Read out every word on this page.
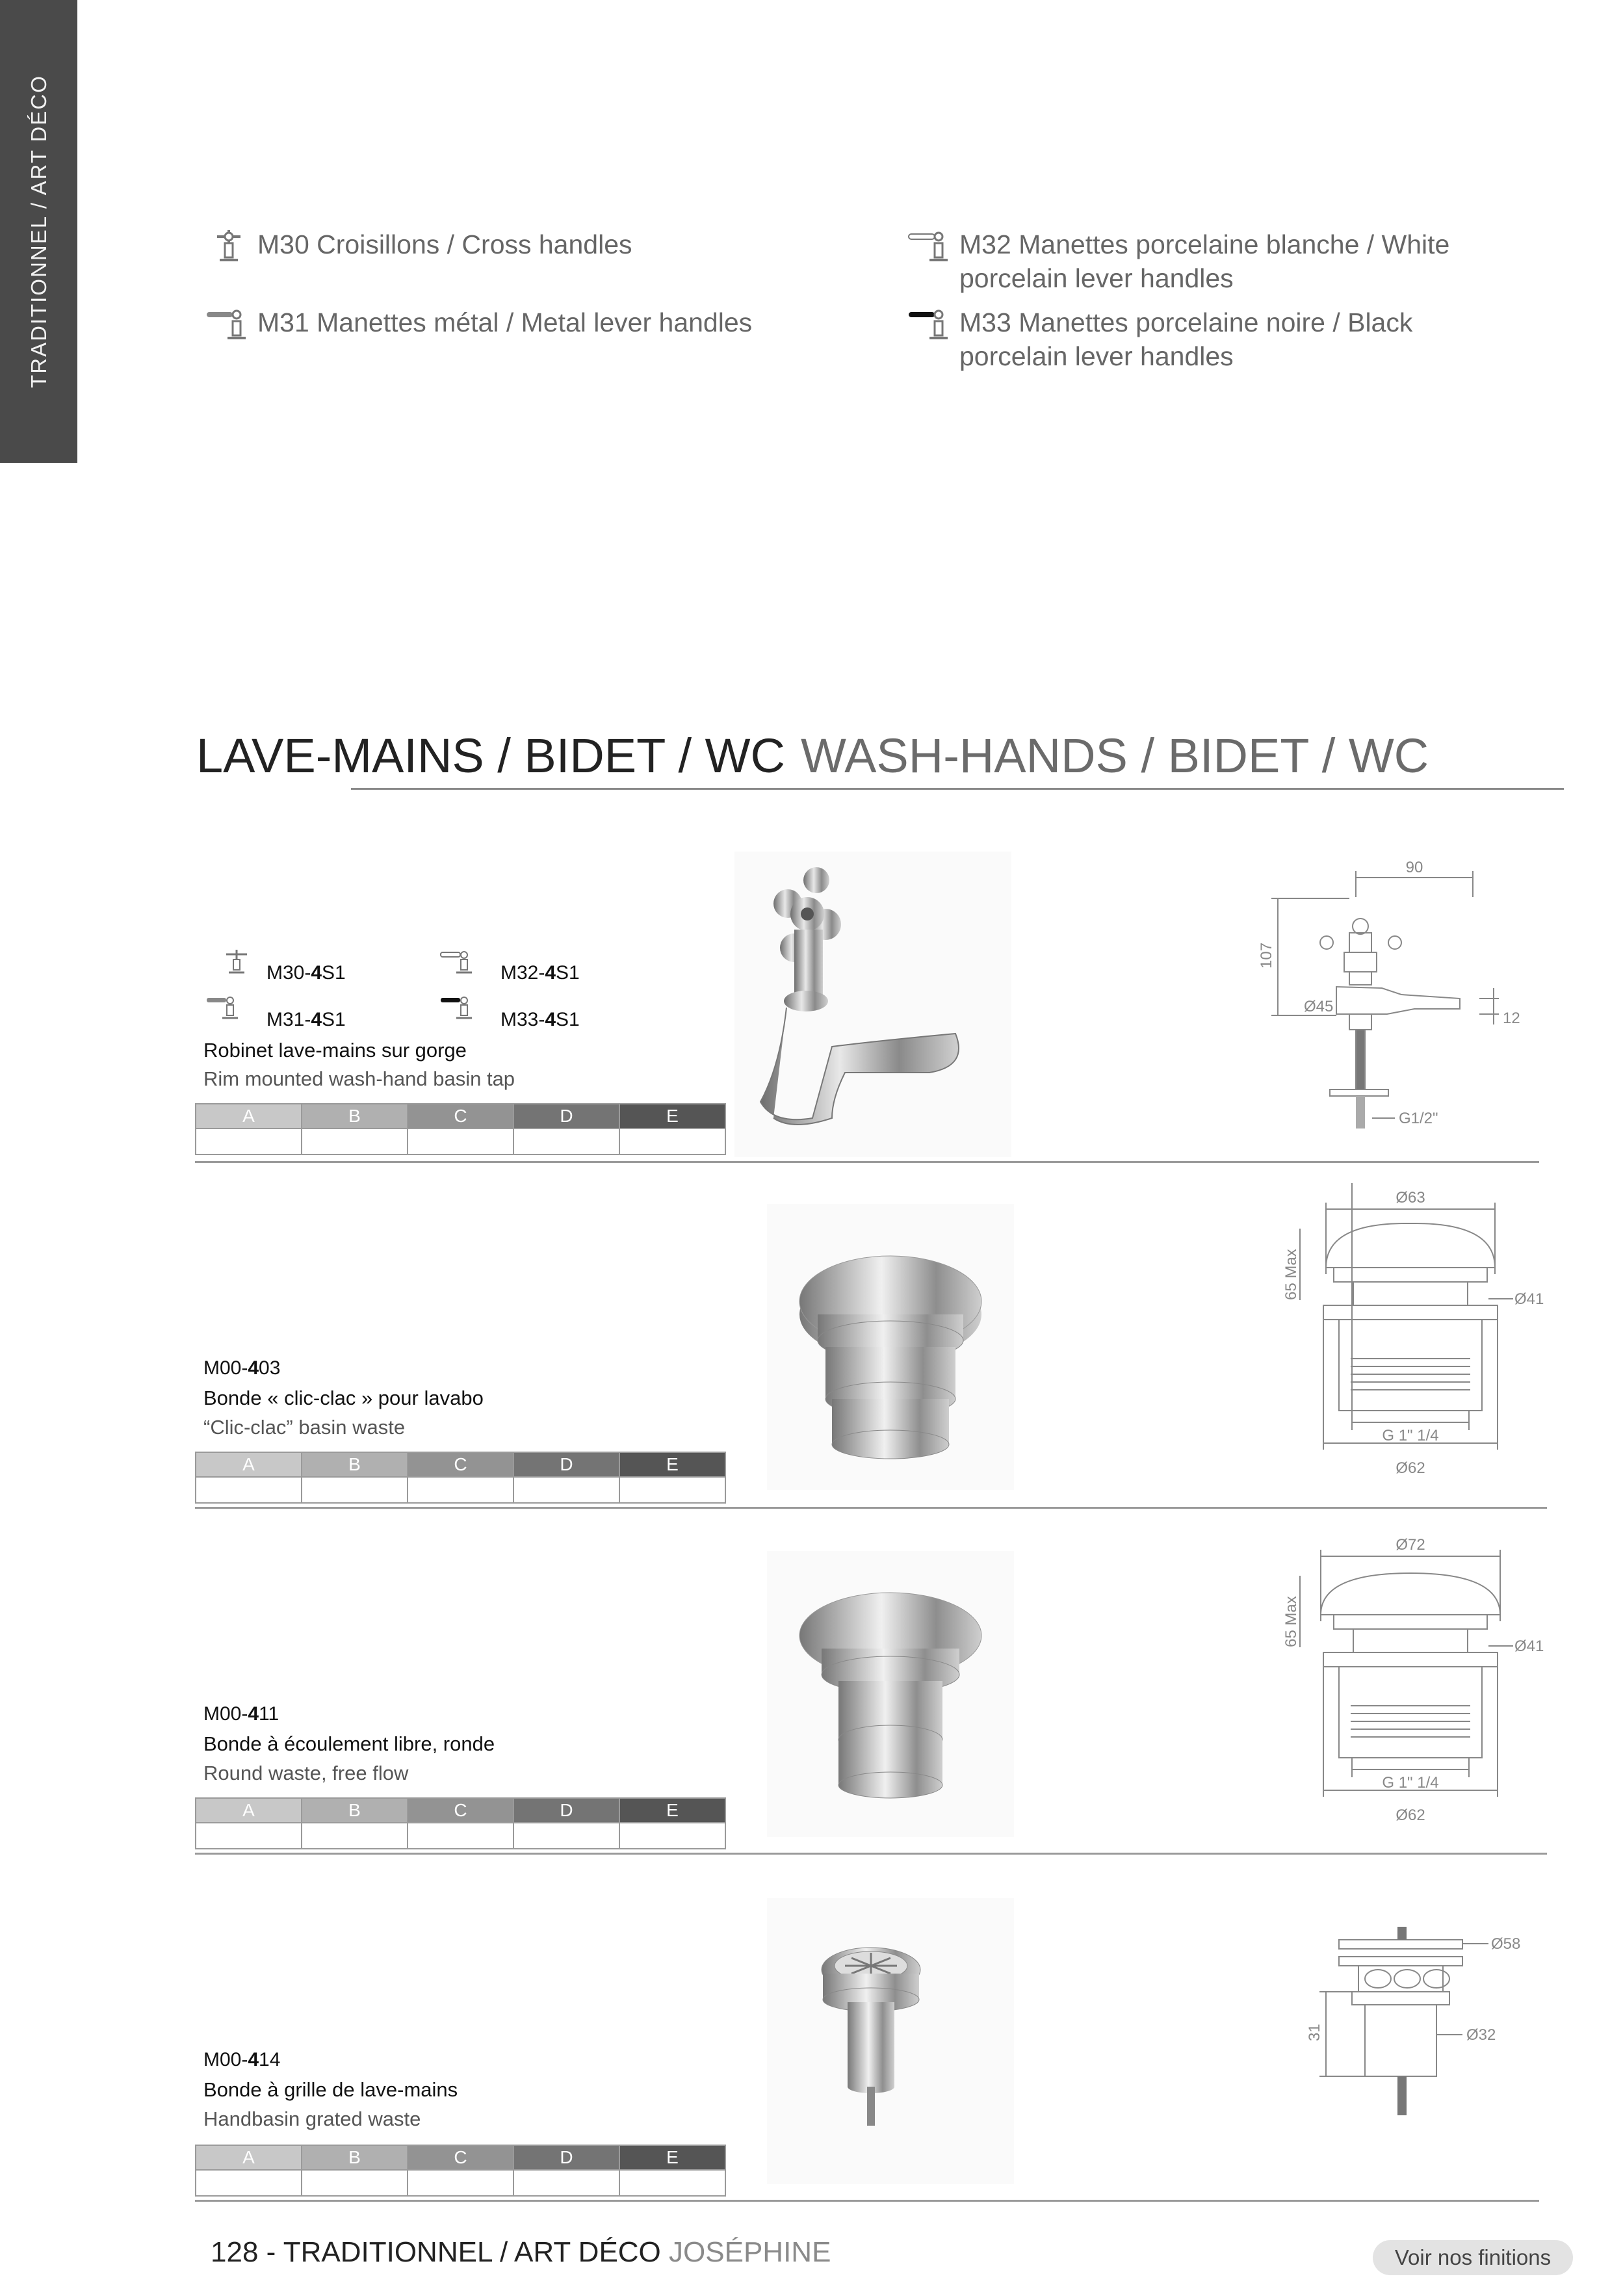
TRADITIONNEL / ART DÉCO	M30 Croisillons / Cross handles
M31 Manettes métal / Metal lever handles
M32 Manettes porcelaine blanche / White
porcelain lever handles
M33 Manettes porcelaine noire / Black
porcelain lever handles
LAVE-MAINS / BIDET / WC WASH-HANDS / BIDET / WC
M30-4S1	M32-4S1
M31-4S1	M33-4S1
Robinet lave-mains sur gorge
Rim mounted wash-hand basin tap
A	B	C	D	E

90
107
Ø45
12
G1/2"
M00-403
Bonde « clic-clac » pour lavabo
“Clic-clac” basin waste
A	B	C	D	E

Ø63
65 Max	Ø41
G 1" 1/4
Ø62
M00-411
Bonde à écoulement libre, ronde
Round waste, free flow
A	B	C	D	E

Ø72
65 Max	Ø41
G 1" 1/4
Ø62
M00-414
Bonde à grille de lave-mains
Handbasin grated waste
A	B	C	D	E

Ø58
31	Ø32
128 - TRADITIONNEL / ART DÉCO JOSÉPHINE	Voir nos finitions
